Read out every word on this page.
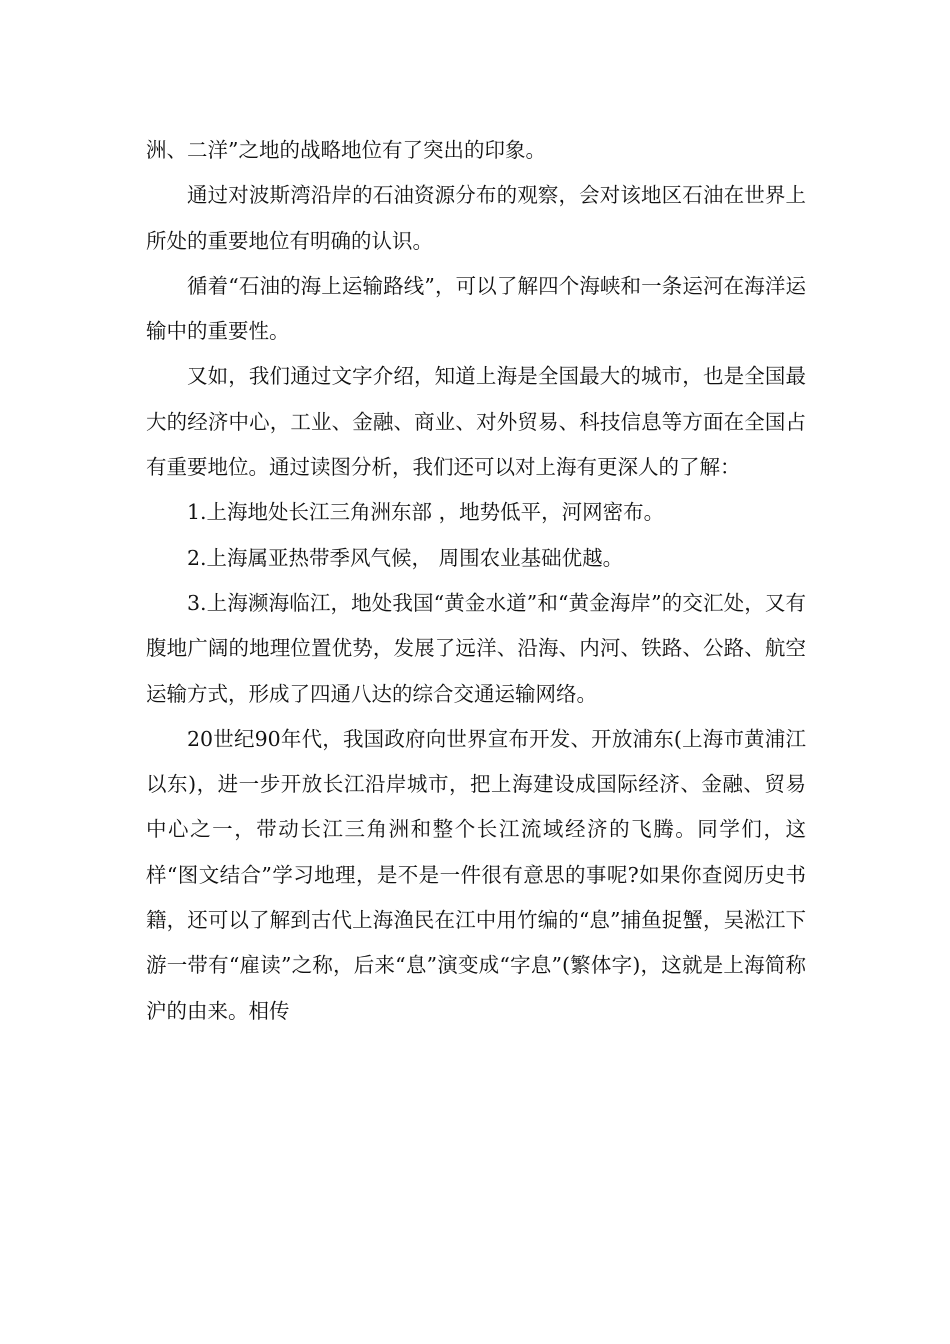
洲、二洋”之地的战略地位有了突出的印象。

通过对波斯湾沿岸的石油资源分布的观察，会对该地区石油在世界上所处的重要地位有明确的认识。

循着“石油的海上运输路线”，可以了解四个海峡和一条运河在海洋运输中的重要性。

又如，我们通过文字介绍，知道上海是全国最大的城市，也是全国最大的经济中心，工业、金融、商业、对外贸易、科技信息等方面在全国占有重要地位。通过读图分析，我们还可以对上海有更深人的了解：

1.上海地处长江三角洲东部 ，地势低平，河网密布。

2.上海属亚热带季风气候， 周围农业基础优越。

3.上海濒海临江，地处我国“黄金水道”和“黄金海岸”的交汇处，又有腹地广阔的地理位置优势，发展了远洋、沿海、内河、铁路、公路、航空运输方式，形成了四通八达的综合交通运输网络。

20世纪90年代，我国政府向世界宣布开发、开放浦东(上海市黄浦江以东)，进一步开放长江沿岸城市，把上海建设成国际经济、金融、贸易中心之一，带动长江三角洲和整个长江流域经济的飞腾。同学们，这样“图文结合”学习地理，是不是一件很有意思的事呢?如果你查阅历史书籍，还可以了解到古代上海渔民在江中用竹编的“息”捕鱼捉蟹，吴淞江下游一带有“雇读”之称，后来“息”演变成“字息”(繁体字)，这就是上海简称沪的由来。相传
